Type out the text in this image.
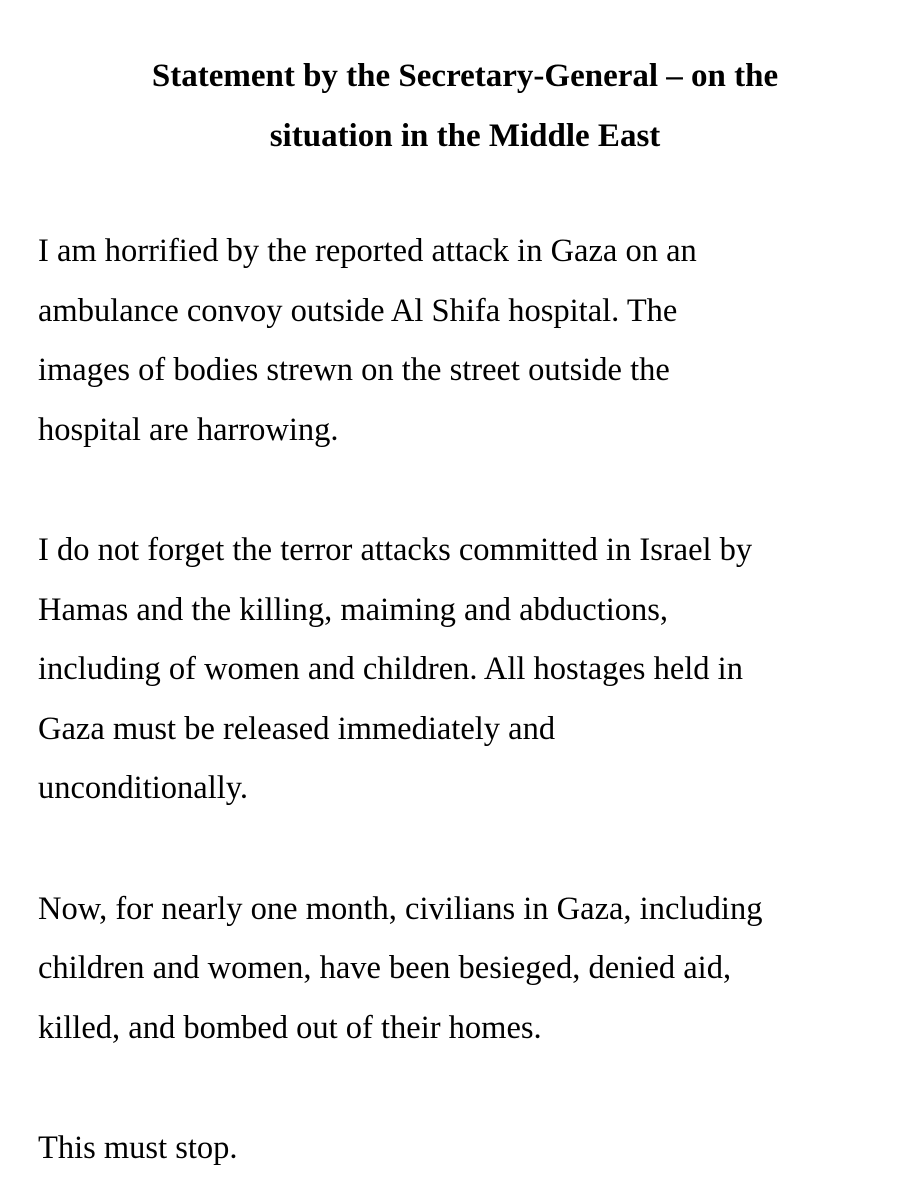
Statement by the Secretary-General – on the
situation in the Middle East

I am horrified by the reported attack in Gaza on an
ambulance convoy outside Al Shifa hospital. The
images of bodies strewn on the street outside the
hospital are harrowing.

I do not forget the terror attacks committed in Israel by
Hamas and the killing, maiming and abductions,
including of women and children. All hostages held in
Gaza must be released immediately and
unconditionally.

Now, for nearly one month, civilians in Gaza, including
children and women, have been besieged, denied aid,
killed, and bombed out of their homes.

This must stop.
